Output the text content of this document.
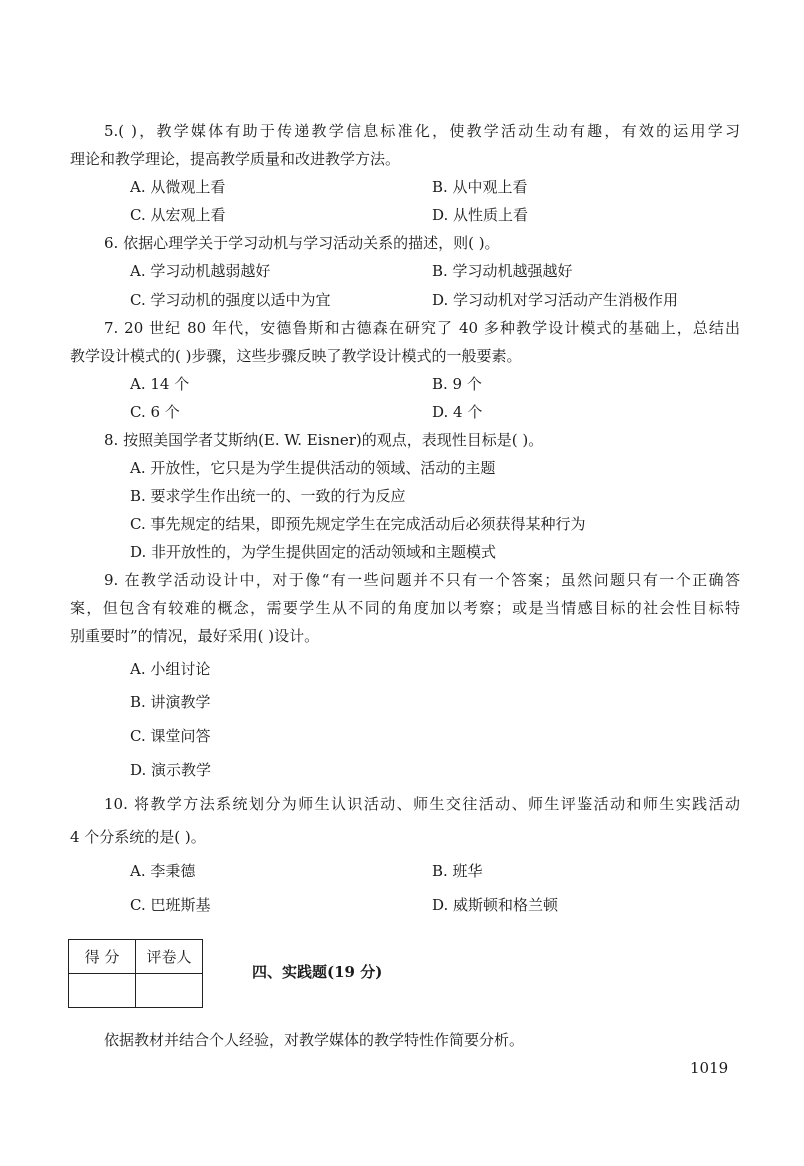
5.( )，教学媒体有助于传递教学信息标准化，使教学活动生动有趣，有效的运用学习
理论和教学理论，提高教学质量和改进教学方法。
A. 从微观上看	B. 从中观上看
C. 从宏观上看	D. 从性质上看
6. 依据心理学关于学习动机与学习活动关系的描述，则( )。
A. 学习动机越弱越好	B. 学习动机越强越好
C. 学习动机的强度以适中为宜	D. 学习动机对学习活动产生消极作用
7. 20 世纪 80 年代，安德鲁斯和古德森在研究了 40 多种教学设计模式的基础上，总结出
教学设计模式的( )步骤，这些步骤反映了教学设计模式的一般要素。
A. 14 个	B. 9 个
C. 6 个	D. 4 个
8. 按照美国学者艾斯纳(E. W. Eisner)的观点，表现性目标是( )。
A. 开放性，它只是为学生提供活动的领域、活动的主题
B. 要求学生作出统一的、一致的行为反应
C. 事先规定的结果，即预先规定学生在完成活动后必须获得某种行为
D. 非开放性的，为学生提供固定的活动领域和主题模式
9. 在教学活动设计中，对于像“有一些问题并不只有一个答案；虽然问题只有一个正确答
案，但包含有较难的概念，需要学生从不同的角度加以考察；或是当情感目标的社会性目标特
别重要时”的情况，最好采用( )设计。
A. 小组讨论
B. 讲演教学
C. 课堂问答
D. 演示教学
10. 将教学方法系统划分为师生认识活动、师生交往活动、师生评鉴活动和师生实践活动
4 个分系统的是( )。
A. 李秉德	B. 班华
C. 巴班斯基	D. 威斯顿和格兰顿
得 分	评卷人

四、实践题(19 分)
依据教材并结合个人经验，对教学媒体的教学特性作简要分析。
1019
